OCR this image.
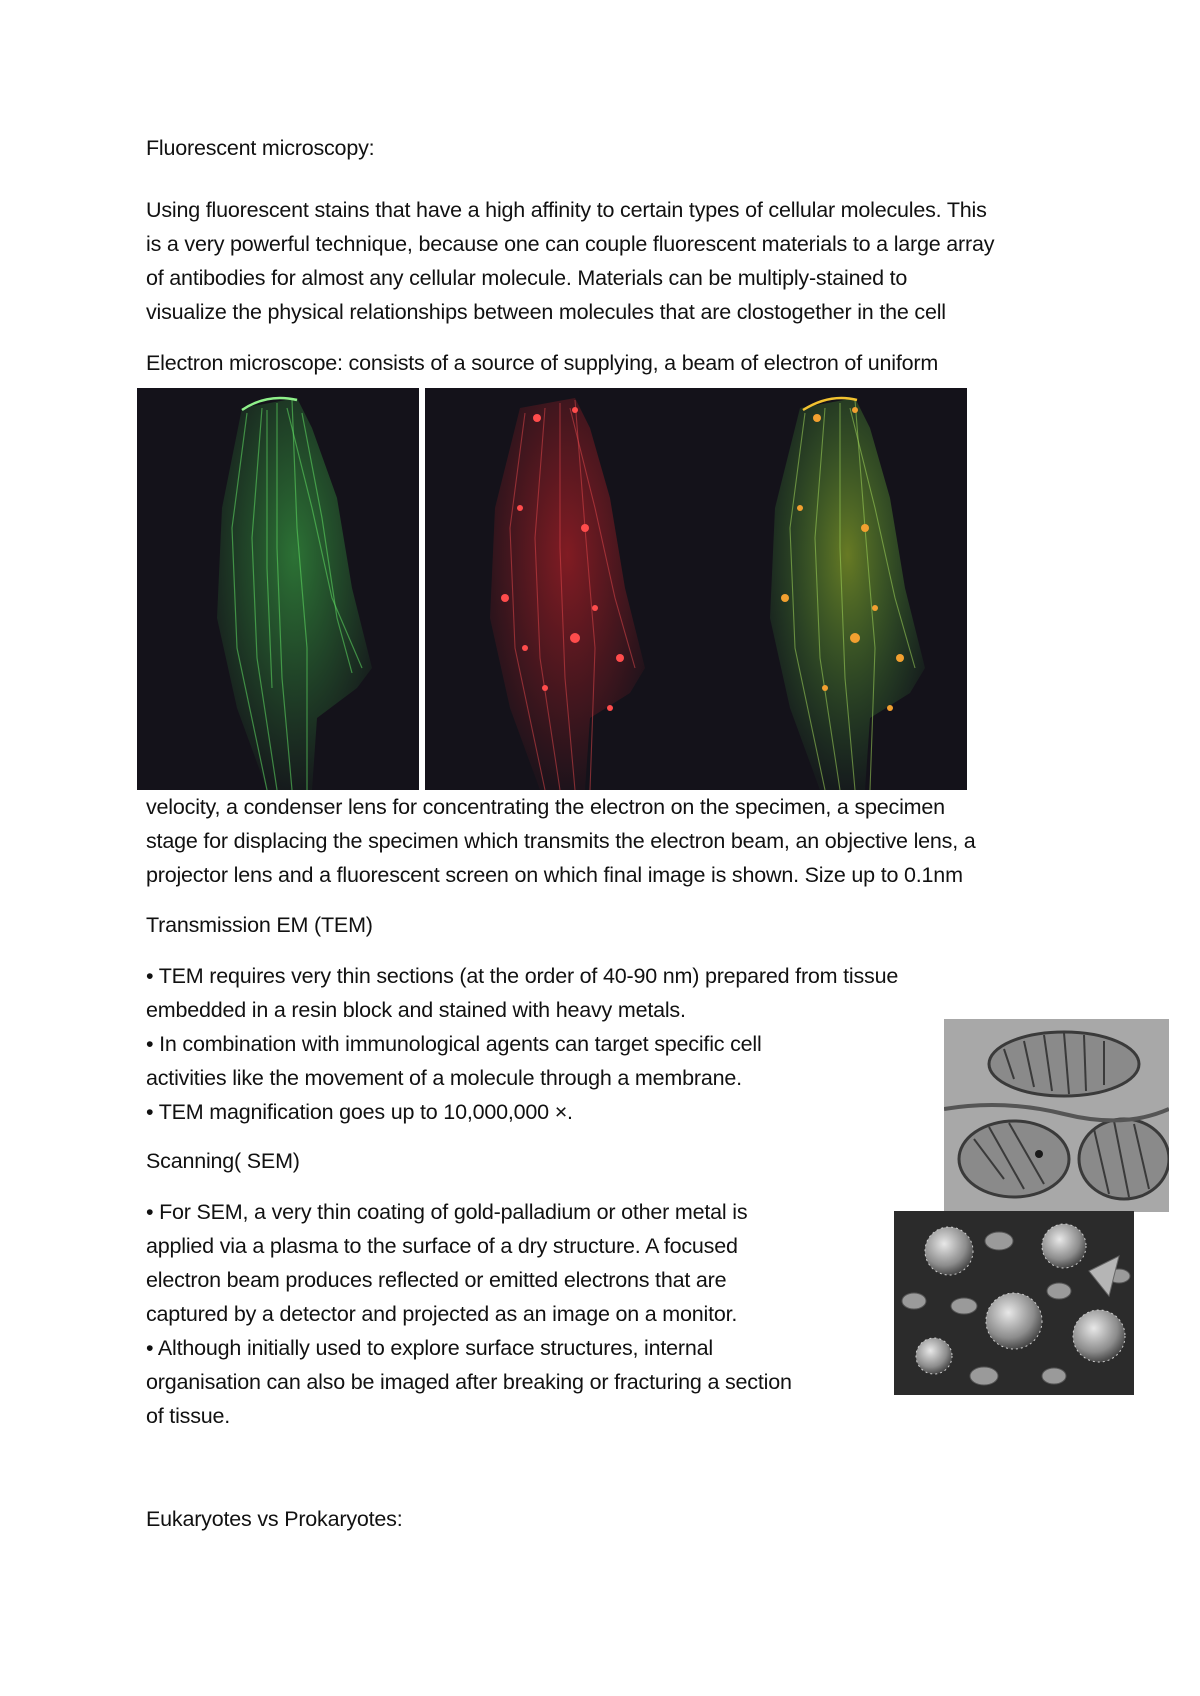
Fluorescent microscopy:

Using fluorescent stains that have a high affinity to certain types of cellular molecules. This
is a very powerful technique, because one can couple fluorescent materials to a large array
of antibodies for almost any cellular molecule. Materials can be multiply-stained to
visualize the physical relationships between molecules that are clostogether in the cell

Electron microscope: consists of a source of supplying, a beam of electron of uniform

velocity, a condenser lens for concentrating the electron on the specimen, a specimen
stage for displacing the specimen which transmits the electron beam, an objective lens, a
projector lens and a fluorescent screen on which final image is shown. Size up to 0.1nm

Transmission EM (TEM)

• TEM requires very thin sections (at the order of 40-90 nm) prepared from tissue
embedded in a resin block and stained with heavy metals.
• In combination with immunological agents can target specific cell
activities like the movement of a molecule through a membrane.
• TEM magnification goes up to 10,000,000 ×.

Scanning( SEM)

• For SEM, a very thin coating of gold-palladium or other metal is
applied via a plasma to the surface of a dry structure. A focused
electron beam produces reflected or emitted electrons that are
captured by a detector and projected as an image on a monitor.
• Although initially used to explore surface structures, internal
organisation can also be imaged after breaking or fracturing a section
of tissue.

Eukaryotes vs Prokaryotes:
